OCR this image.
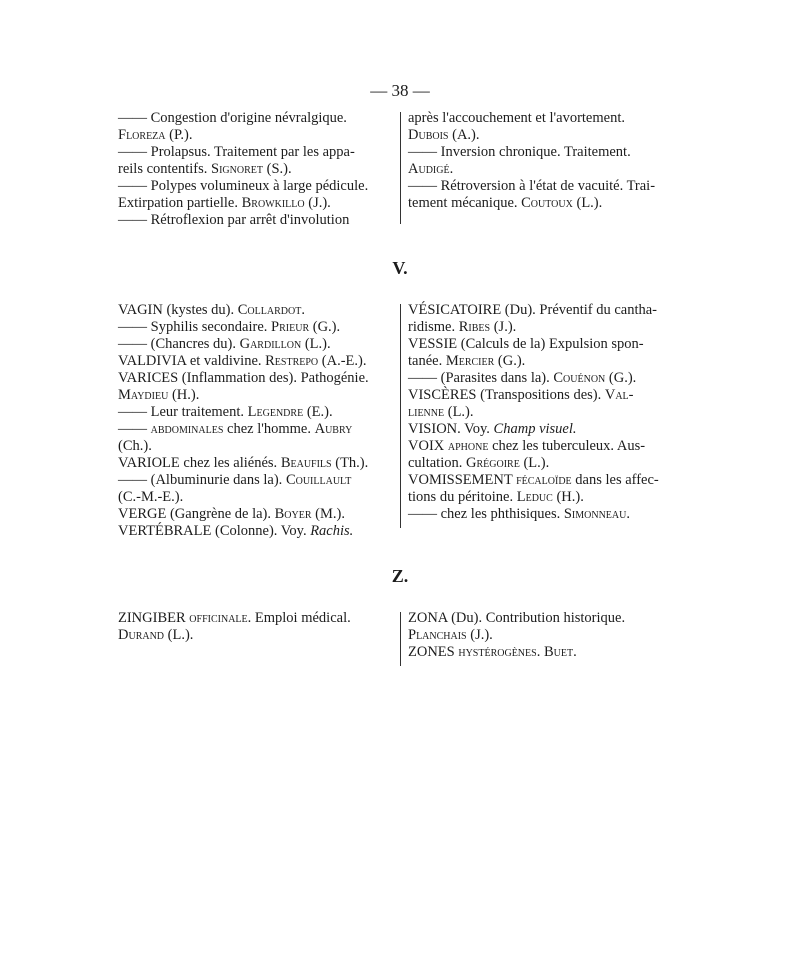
— 38 —

—— Congestion d'origine névralgique.

Floreza (P.).

—— Prolapsus. Traitement par les appa-

reils contentifs. Signoret (S.).

—— Polypes volumineux à large pédicule.

Extirpation partielle. Browkillo (J.).

—— Rétroflexion par arrêt d'involution

après l'accouchement et l'avortement.

Dubois (A.).

—— Inversion chronique. Traitement.

Audigé.

—— Rétroversion à l'état de vacuité. Trai-

tement mécanique. Coutoux (L.).

V.

VAGIN (kystes du). Collardot.

—— Syphilis secondaire. Prieur (G.).

—— (Chancres du). Gardillon (L.).

VALDIVIA et valdivine. Restrepo (A.-E.).

VARICES (Inflammation des). Pathogénie.

Maydieu (H.).

—— Leur traitement. Legendre (E.).

—— abdominales chez l'homme. Aubry

(Ch.).

VARIOLE chez les aliénés. Beaufils (Th.).

—— (Albuminurie dans la). Couillault

(C.-M.-E.).

VERGE (Gangrène de la). Boyer (M.).

VERTÉBRALE (Colonne). Voy. Rachis.

VÉSICATOIRE (Du). Préventif du cantha-

ridisme. Ribes (J.).

VESSIE (Calculs de la) Expulsion spon-

tanée. Mercier (G.).

—— (Parasites dans la). Couénon (G.).

VISCÈRES (Transpositions des). Val-

lienne (L.).

VISION. Voy. Champ visuel.

VOIX aphone chez les tuberculeux. Aus-

cultation. Grégoire (L.).

VOMISSEMENT fécaloïde dans les affec-

tions du péritoine. Leduc (H.).

—— chez les phthisiques. Simonneau.

Z.

ZINGIBER officinale. Emploi médical.

Durand (L.).

ZONA (Du). Contribution historique.

Planchais (J.).

ZONES hystérogènes. Buet.
